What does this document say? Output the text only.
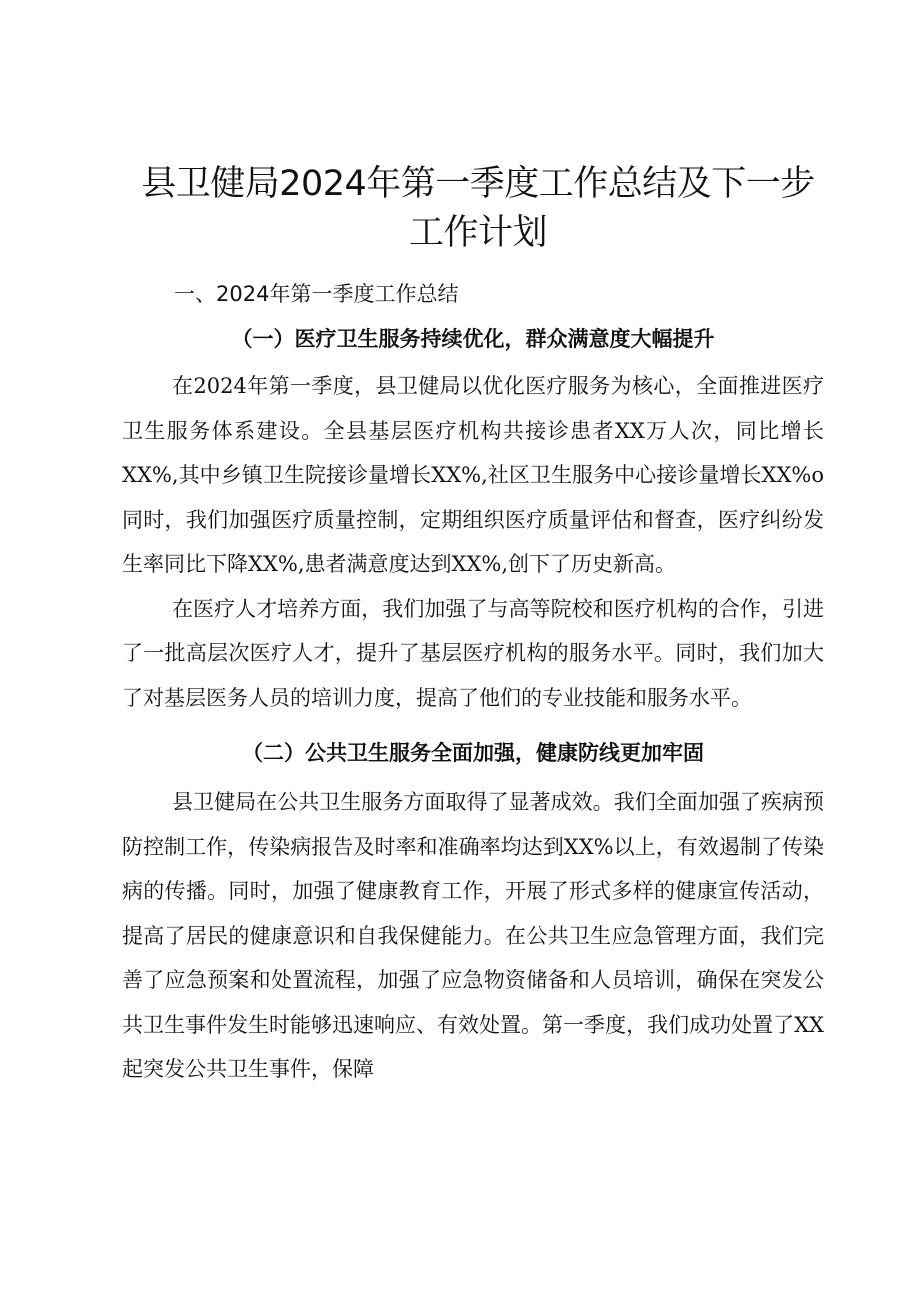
县卫健局2024年第一季度工作总结及下一步
工作计划

一、2024年第一季度工作总结

（一）医疗卫生服务持续优化，群众满意度大幅提升

在2024年第一季度，县卫健局以优化医疗服务为核心，全面推进医疗卫生服务体系建设。全县基层医疗机构共接诊患者XX万人次，同比增长XX%,其中乡镇卫生院接诊量增长XX%,社区卫生服务中心接诊量增长XX%o同时，我们加强医疗质量控制，定期组织医疗质量评估和督查，医疗纠纷发生率同比下降XX%,患者满意度达到XX%,创下了历史新高。

在医疗人才培养方面，我们加强了与高等院校和医疗机构的合作，引进了一批高层次医疗人才，提升了基层医疗机构的服务水平。同时，我们加大了对基层医务人员的培训力度，提高了他们的专业技能和服务水平。

（二）公共卫生服务全面加强，健康防线更加牢固

县卫健局在公共卫生服务方面取得了显著成效。我们全面加强了疾病预防控制工作，传染病报告及时率和准确率均达到XX%以上，有效遏制了传染病的传播。同时，加强了健康教育工作，开展了形式多样的健康宣传活动，提高了居民的健康意识和自我保健能力。在公共卫生应急管理方面，我们完善了应急预案和处置流程，加强了应急物资储备和人员培训，确保在突发公共卫生事件发生时能够迅速响应、有效处置。第一季度，我们成功处置了XX起突发公共卫生事件，保障
